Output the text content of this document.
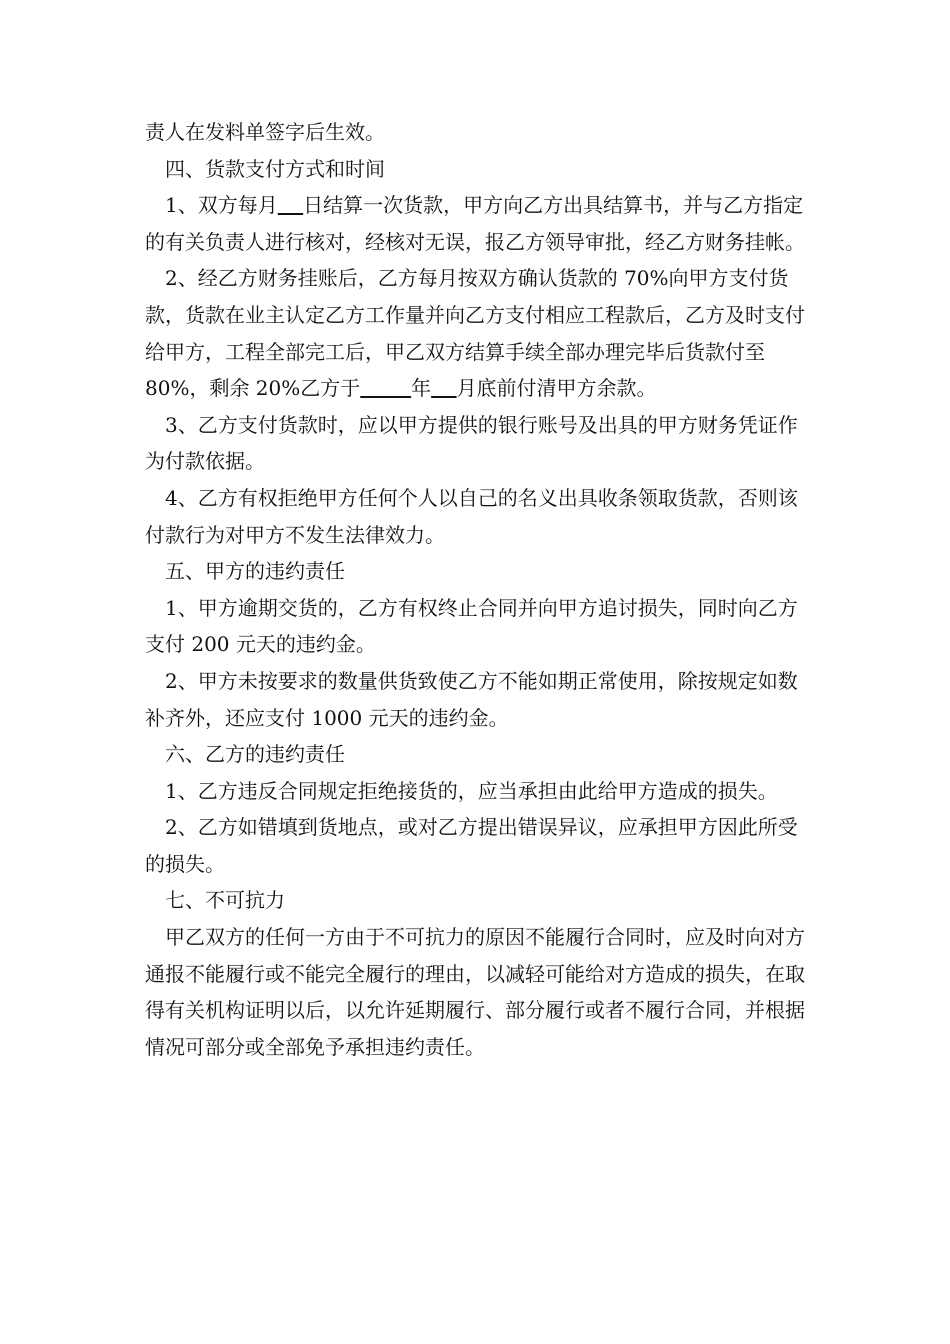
责人在发料单签字后生效。

四、货款支付方式和时间

1、双方每月 日结算一次货款，甲方向乙方出具结算书，并与乙方指定的有关负责人进行核对，经核对无误，报乙方领导审批，经乙方财务挂帐。

2、经乙方财务挂账后，乙方每月按双方确认货款的 70%向甲方支付货款，货款在业主认定乙方工作量并向乙方支付相应工程款后，乙方及时支付给甲方，工程全部完工后，甲乙双方结算手续全部办理完毕后货款付至 80%，剩余 20%乙方于	年 月底前付清甲方余款。

3、乙方支付货款时，应以甲方提供的银行账号及出具的甲方财务凭证作为付款依据。

4、乙方有权拒绝甲方任何个人以自己的名义出具收条领取货款，否则该付款行为对甲方不发生法律效力。

五、甲方的违约责任

1、甲方逾期交货的，乙方有权终止合同并向甲方追讨损失，同时向乙方支付 200 元天的违约金。

2、甲方未按要求的数量供货致使乙方不能如期正常使用，除按规定如数补齐外，还应支付 1000 元天的违约金。

六、乙方的违约责任

1、乙方违反合同规定拒绝接货的，应当承担由此给甲方造成的损失。

2、乙方如错填到货地点，或对乙方提出错误异议，应承担甲方因此所受的损失。

七、不可抗力

甲乙双方的任何一方由于不可抗力的原因不能履行合同时，应及时向对方通报不能履行或不能完全履行的理由，以减轻可能给对方造成的损失，在取得有关机构证明以后，以允许延期履行、部分履行或者不履行合同，并根据情况可部分或全部免予承担违约责任。
